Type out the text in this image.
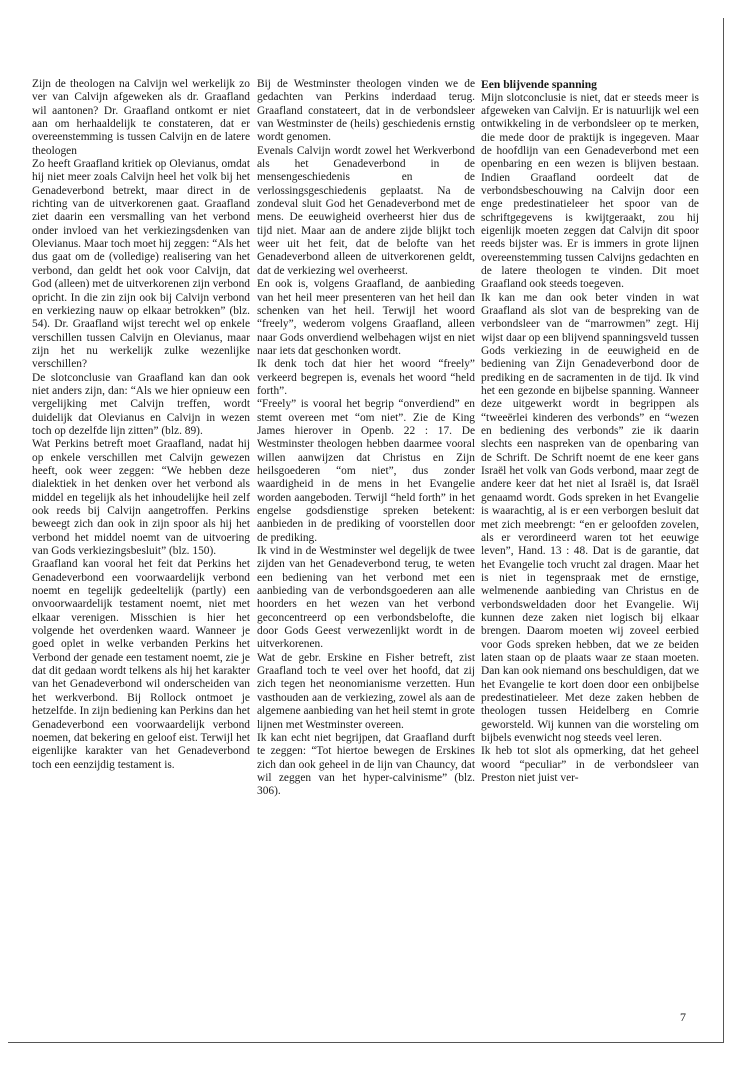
Zijn de theologen na Calvijn wel werkelijk zo ver van Calvijn afgeweken als dr. Graafland wil aantonen? Dr. Graafland ontkomt er niet aan om herhaaldelijk te constateren, dat er overeenstemming is tussen Calvijn en de latere theologen

Zo heeft Graafland kritiek op Olevianus, omdat hij niet meer zoals Calvijn heel het volk bij het Genadeverbond betrekt, maar direct in de richting van de uitverkorenen gaat. Graafland ziet daarin een versmalling van het verbond onder invloed van het verkiezingsdenken van Olevianus. Maar toch moet hij zeggen: “Als het dus gaat om de (volledige) realisering van het verbond, dan geldt het ook voor Calvijn, dat God (alleen) met de uitverkorenen zijn verbond opricht. In die zin zijn ook bij Calvijn verbond en verkiezing nauw op elkaar betrokken” (blz. 54). Dr. Graafland wijst terecht wel op enkele verschillen tussen Calvijn en Olevianus, maar zijn het nu werkelijk zulke wezenlijke verschillen?

De slotconclusie van Graafland kan dan ook niet anders zijn, dan: “Als we hier opnieuw een vergelijking met Calvijn treffen, wordt duidelijk dat Olevianus en Calvijn in wezen toch op dezelfde lijn zitten” (blz. 89).

Wat Perkins betreft moet Graafland, nadat hij op enkele verschillen met Calvijn gewezen heeft, ook weer zeggen: “We hebben deze dialektiek in het denken over het verbond als middel en tegelijk als het inhoudelijke heil zelf ook reeds bij Calvijn aangetroffen. Perkins beweegt zich dan ook in zijn spoor als hij het verbond het middel noemt van de uitvoering van Gods verkiezingsbesluit” (blz. 150).

Graafland kan vooral het feit dat Perkins het Genadeverbond een voorwaardelijk verbond noemt en tegelijk gedeeltelijk (partly) een onvoorwaardelijk testament noemt, niet met elkaar verenigen. Misschien is hier het volgende het overdenken waard. Wanneer je goed oplet in welke verbanden Perkins het Verbond der genade een testament noemt, zie je dat dit gedaan wordt telkens als hij het karakter van het Genadeverbond wil onderscheiden van het werkverbond. Bij Rollock ontmoet je hetzelfde. In zijn bediening kan Perkins dan het Genadeverbond een voorwaardelijk verbond noemen, dat bekering en geloof eist. Terwijl het eigenlijke karakter van het Genadeverbond toch een eenzijdig testament is.

Bij de Westminster theologen vinden we de gedachten van Perkins inderdaad terug. Graafland constateert, dat in de verbondsleer van Westminster de (heils) geschiedenis ernstig wordt genomen.

Evenals Calvijn wordt zowel het Werkverbond als het Genadeverbond in de mensengeschiedenis en de verlossingsgeschiedenis geplaatst. Na de zondeval sluit God het Genadeverbond met de mens. De eeuwigheid overheerst hier dus de tijd niet. Maar aan de andere zijde blijkt toch weer uit het feit, dat de belofte van het Genadeverbond alleen de uitverkorenen geldt, dat de verkiezing wel overheerst.

En ook is, volgens Graafland, de aanbieding van het heil meer presenteren van het heil dan schenken van het heil. Terwijl het woord “freely”, wederom volgens Graafland, alleen naar Gods onverdiend welbehagen wijst en niet naar iets dat geschonken wordt.

Ik denk toch dat hier het woord “freely” verkeerd begrepen is, evenals het woord “held forth”.

“Freely” is vooral het begrip “onverdiend” en stemt overeen met “om niet”. Zie de King James hierover in Openb. 22 : 17. De Westminster theologen hebben daarmee vooral willen aanwijzen dat Christus en Zijn heilsgoederen “om niet”, dus zonder waardigheid in de mens in het Evangelie worden aangeboden. Terwijl “held forth” in het engelse godsdienstige spreken betekent: aanbieden in de prediking of voorstellen door de prediking.

Ik vind in de Westminster wel degelijk de twee zijden van het Genadeverbond terug, te weten een bediening van het verbond met een aanbieding van de verbondsgoederen aan alle hoorders en het wezen van het verbond geconcentreerd op een verbondsbelofte, die door Gods Geest verwezenlijkt wordt in de uitverkorenen.

Wat de gebr. Erskine en Fisher betreft, zist Graafland toch te veel over het hoofd, dat zij zich tegen het neonomianisme verzetten. Hun vasthouden aan de verkiezing, zowel als aan de algemene aanbieding van het heil stemt in grote lijnen met Westminster overeen.

Ik kan echt niet begrijpen, dat Graafland durft te zeggen: “Tot hiertoe bewegen de Erskines zich dan ook geheel in de lijn van Chauncy, dat wil zeggen van het hyper-calvinisme” (blz. 306).

Een blijvende spanning

Mijn slotconclusie is niet, dat er steeds meer is afgeweken van Calvijn. Er is natuurlijk wel een ontwikkeling in de verbondsleer op te merken, die mede door de praktijk is ingegeven. Maar de hoofdlijn van een Genadeverbond met een openbaring en een wezen is blijven bestaan. Indien Graafland oordeelt dat de verbondsbeschouwing na Calvijn door een enge predestinatieleer het spoor van de schriftgegevens is kwijtgeraakt, zou hij eigenlijk moeten zeggen dat Calvijn dit spoor reeds bijster was. Er is immers in grote lijnen overeenstemming tussen Calvijns gedachten en de latere theologen te vinden. Dit moet Graafland ook steeds toegeven.

Ik kan me dan ook beter vinden in wat Graafland als slot van de bespreking van de verbondsleer van de “marrowmen” zegt. Hij wijst daar op een blijvend spanningsveld tussen Gods verkiezing in de eeuwigheid en de bediening van Zijn Genadeverbond door de prediking en de sacramenten in de tijd. Ik vind het een gezonde en bijbelse spanning. Wanneer deze uitgewerkt wordt in begrippen als “tweeërlei kinderen des verbonds” en “wezen en bediening des verbonds” zie ik daarin slechts een naspreken van de openbaring van de Schrift. De Schrift noemt de ene keer gans Israël het volk van Gods verbond, maar zegt de andere keer dat het niet al Israël is, dat Israël genaamd wordt. Gods spreken in het Evangelie is waarachtig, al is er een verborgen besluit dat met zich meebrengt: “en er geloofden zovelen, als er verordineerd waren tot het eeuwige leven”, Hand. 13 : 48. Dat is de garantie, dat het Evangelie toch vrucht zal dragen. Maar het is niet in tegenspraak met de ernstige, welmenende aanbieding van Christus en de verbondsweldaden door het Evangelie. Wij kunnen deze zaken niet logisch bij elkaar brengen. Daarom moeten wij zoveel eerbied voor Gods spreken hebben, dat we ze beiden laten staan op de plaats waar ze staan moeten. Dan kan ook niemand ons beschuldigen, dat we het Evangelie te kort doen door een onbijbelse predestinatieleer. Met deze zaken hebben de theologen tussen Heidelberg en Comrie geworsteld. Wij kunnen van die worsteling om bijbels evenwicht nog steeds veel leren.

Ik heb tot slot als opmerking, dat het geheel woord “peculiar” in de verbondsleer van Preston niet juist ver-

7
